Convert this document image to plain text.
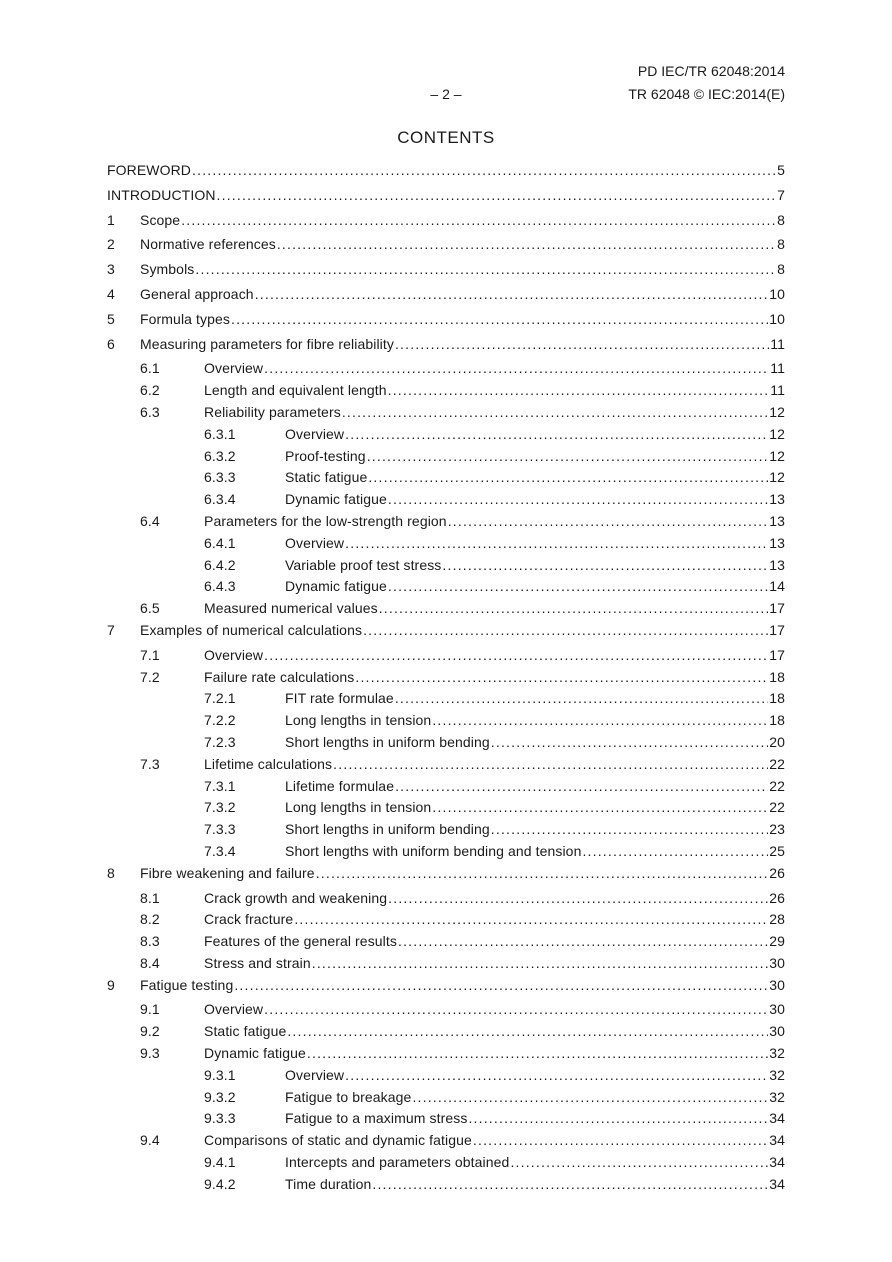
PD IEC/TR 62048:2014
– 2 –	TR 62048 © IEC:2014(E)
CONTENTS
FOREWORD .....	5
INTRODUCTION .....	7
1	Scope .....	8
2	Normative references .....	8
3	Symbols .....	8
4	General approach .....	10
5	Formula types .....	10
6	Measuring parameters for fibre reliability .....	11
6.1	Overview .....	11
6.2	Length and equivalent length .....	11
6.3	Reliability parameters .....	12
6.3.1	Overview .....	12
6.3.2	Proof-testing .....	12
6.3.3	Static fatigue .....	12
6.3.4	Dynamic fatigue .....	13
6.4	Parameters for the low-strength region .....	13
6.4.1	Overview .....	13
6.4.2	Variable proof test stress .....	13
6.4.3	Dynamic fatigue .....	14
6.5	Measured numerical values .....	17
7	Examples of numerical calculations .....	17
7.1	Overview .....	17
7.2	Failure rate calculations .....	18
7.2.1	FIT rate formulae .....	18
7.2.2	Long lengths in tension .....	18
7.2.3	Short lengths in uniform bending .....	20
7.3	Lifetime calculations .....	22
7.3.1	Lifetime formulae .....	22
7.3.2	Long lengths in tension .....	22
7.3.3	Short lengths in uniform bending .....	23
7.3.4	Short lengths with uniform bending and tension .....	25
8	Fibre weakening and failure .....	26
8.1	Crack growth and weakening .....	26
8.2	Crack fracture .....	28
8.3	Features of the general results .....	29
8.4	Stress and strain .....	30
9	Fatigue testing .....	30
9.1	Overview .....	30
9.2	Static fatigue .....	30
9.3	Dynamic fatigue .....	32
9.3.1	Overview .....	32
9.3.2	Fatigue to breakage .....	32
9.3.3	Fatigue to a maximum stress .....	34
9.4	Comparisons of static and dynamic fatigue .....	34
9.4.1	Intercepts and parameters obtained .....	34
9.4.2	Time duration .....	34
